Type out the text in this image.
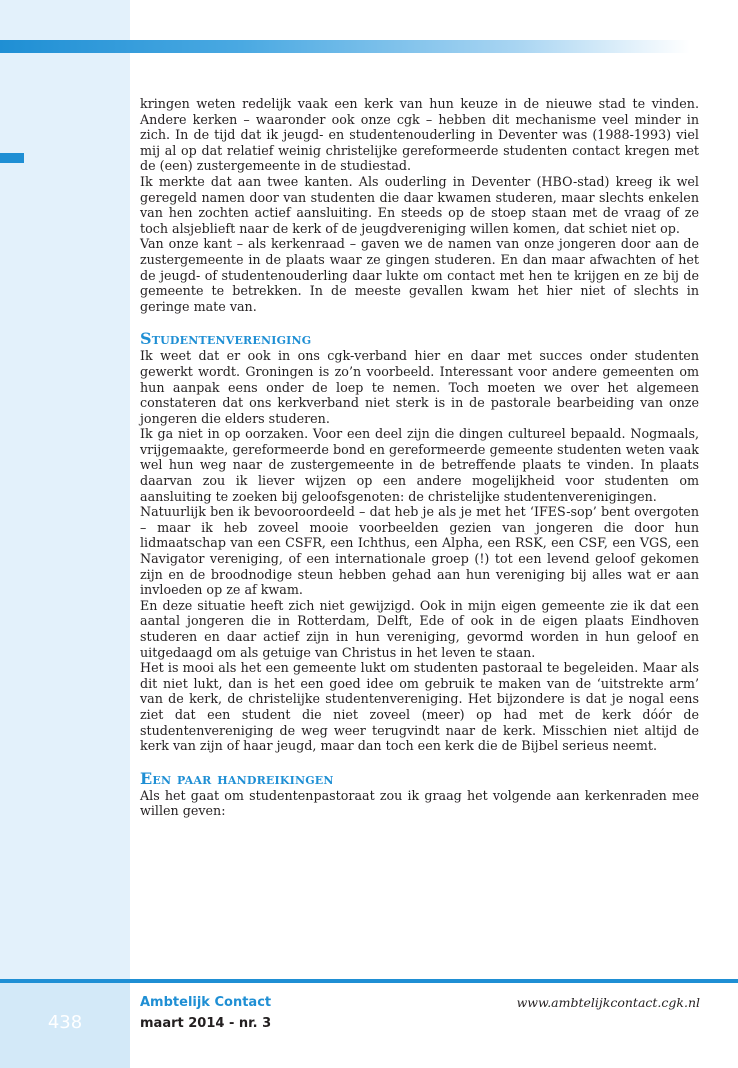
kringen weten redelijk vaak een kerk van hun keuze in de nieuwe stad te vinden. Andere kerken – waaronder ook onze cgk – hebben dit mechanisme veel minder in zich. In de tijd dat ik jeugd- en studentenouderling in Deventer was (1988-1993) viel mij al op dat relatief weinig christelijke gereformeerde studenten contact kregen met de (een) zustergemeente in de studiestad.

Ik merkte dat aan twee kanten. Als ouderling in Deventer (HBO-stad) kreeg ik wel geregeld namen door van studenten die daar kwamen studeren, maar slechts enkelen van hen zochten actief aansluiting. En steeds op de stoep staan met de vraag of ze toch alsjeblieft naar de kerk of de jeugdvereniging willen komen, dat schiet niet op.

Van onze kant – als kerkenraad – gaven we de namen van onze jongeren door aan de zustergemeente in de plaats waar ze gingen studeren. En dan maar afwachten of het de jeugd- of studentenouderling daar lukte om contact met hen te krijgen en ze bij de gemeente te betrekken. In de meeste gevallen kwam het hier niet of slechts in geringe mate van.

Studentenvereniging

Ik weet dat er ook in ons cgk-verband hier en daar met succes onder studenten gewerkt wordt. Groningen is zo’n voorbeeld. Interessant voor andere gemeenten om hun aanpak eens onder de loep te nemen. Toch moeten we over het algemeen constateren dat ons kerkverband niet sterk is in de pastorale bearbeiding van onze jongeren die elders studeren.

Ik ga niet in op oorzaken. Voor een deel zijn die dingen cultureel bepaald. Nogmaals, vrijgemaakte, gereformeerde bond en gereformeerde gemeente studenten weten vaak wel hun weg naar de zustergemeente in de betreffende plaats te vinden. In plaats daarvan zou ik liever wijzen op een andere mogelijkheid voor studenten om aansluiting te zoeken bij geloofsgenoten: de christelijke studentenverenigingen.

Natuurlijk ben ik bevooroordeeld – dat heb je als je met het ‘IFES-sop’ bent overgoten – maar ik heb zoveel mooie voorbeelden gezien van jongeren die door hun lidmaatschap van een CSFR, een Ichthus, een Alpha, een RSK, een CSF, een VGS, een Navigator vereniging, of een internationale groep (!) tot een levend geloof gekomen zijn en de broodnodige steun hebben gehad aan hun vereniging bij alles wat er aan invloeden op ze af kwam.

En deze situatie heeft zich niet gewijzigd. Ook in mijn eigen gemeente zie ik dat een aantal jongeren die in Rotterdam, Delft, Ede of ook in de eigen plaats Eindhoven studeren en daar actief zijn in hun vereniging, gevormd worden in hun geloof en uitgedaagd om als getuige van Christus in het leven te staan.

Het is mooi als het een gemeente lukt om studenten pastoraal te begeleiden. Maar als dit niet lukt, dan is het een goed idee om gebruik te maken van de ‘uitstrekte arm’ van de kerk, de christelijke studentenvereniging. Het bijzondere is dat je nogal eens ziet dat een student die niet zoveel (meer) op had met de kerk dóór de studentenvereniging de weg weer terugvindt naar de kerk. Misschien niet altijd de kerk van zijn of haar jeugd, maar dan toch een kerk die de Bijbel serieus neemt.

Een paar handreikingen

Als het gaat om studentenpastoraat zou ik graag het volgende aan kerkenraden mee willen geven:

438
Ambtelijk Contact
maart 2014 - nr. 3
www.ambtelijkcontact.cgk.nl
